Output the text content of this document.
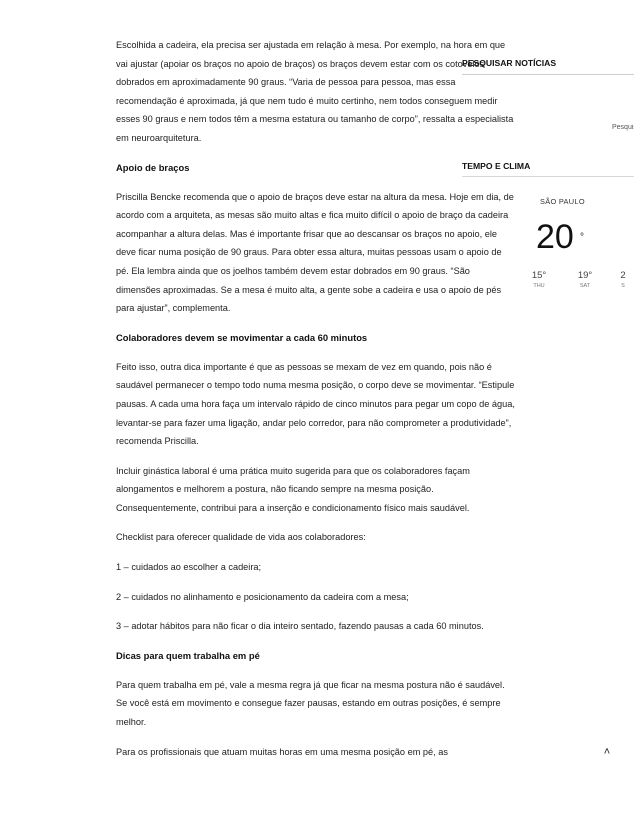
Escolhida a cadeira, ela precisa ser ajustada em relação à mesa. Por exemplo, na hora em que vai ajustar (apoiar os braços no apoio de braços) os braços devem estar com os cotovelos dobrados em aproximadamente 90 graus. “Varia de pessoa para pessoa, mas essa recomendação é aproximada, já que nem tudo é muito certinho, nem todos conseguem medir esses 90 graus e nem todos têm a mesma estatura ou tamanho de corpo”, ressalta a especialista em neuroarquitetura.

Apoio de braços

Priscilla Bencke recomenda que o apoio de braços deve estar na altura da mesa. Hoje em dia, de acordo com a arquiteta, as mesas são muito altas e fica muito difícil o apoio de braço da cadeira acompanhar a altura delas. Mas é importante frisar que ao descansar os braços no apoio, ele deve ficar numa posição de 90 graus. Para obter essa altura, muitas pessoas usam o apoio de pé. Ela lembra ainda que os joelhos também devem estar dobrados em 90 graus. “São dimensões aproximadas. Se a mesa é muito alta, a gente sobe a cadeira e usa o apoio de pés para ajustar”, complementa.

Colaboradores devem se movimentar a cada 60 minutos

Feito isso, outra dica importante é que as pessoas se mexam de vez em quando, pois não é saudável permanecer o tempo todo numa mesma posição, o corpo deve se movimentar. “Estipule pausas. A cada uma hora faça um intervalo rápido de cinco minutos para pegar um copo de água, levantar-se para fazer uma ligação, andar pelo corredor, para não comprometer a produtividade”, recomenda Priscilla.

Incluir ginástica laboral é uma prática muito sugerida para que os colaboradores façam alongamentos e melhorem a postura, não ficando sempre na mesma posição. Consequentemente, contribui para a inserção e condicionamento físico mais saudável.

Checklist para oferecer qualidade de vida aos colaboradores:

1 – cuidados ao escolher a cadeira;

2 – cuidados no alinhamento e posicionamento da cadeira com a mesa;

3 – adotar hábitos para não ficar o dia inteiro sentado, fazendo pausas a cada 60 minutos.

Dicas para quem trabalha em pé

Para quem trabalha em pé, vale a mesma regra já que ficar na mesma postura não é saudável. Se você está em movimento e consegue fazer pausas, estando em outras posições, é sempre melhor.

Para os profissionais que atuam muitas horas em uma mesma posição em pé, as

PESQUISAR NOTÍCIAS
Pesquisar
TEMPO E CLIMA
SÃO PAULO
20 °
15°
THU
19°
SAT
2
S
˄
